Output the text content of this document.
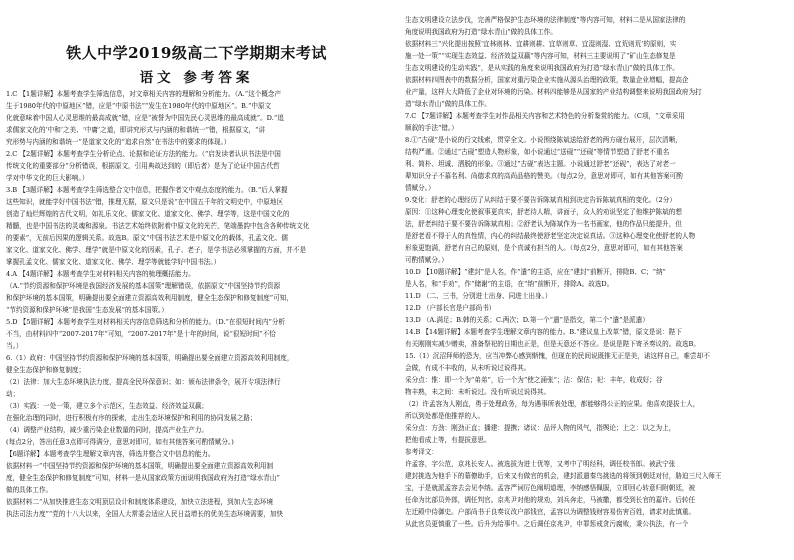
铁人中学2019级高二下学期期末考试
语文 参考答案
1.C 【1题详解】本题考查学生筛选信息，对文章相关内容的理解和分析能力。（A.“这个概念产
生于1980年代的中原地区”错，应是“中原书法”“发生在1980年代的中原地区”。B.“中原文
化就意味着中国人心灵思维的最高成就”错，应是“被誉为中国先民心灵思维的最高成就”。D.“追
求儒家文化的‘中和’之美、‘中庸’之道，即讲究形式与内涵的和谐统一”错，根据原文，“讲
究形势与内涵的和谐统一”是道家文化的“追求自然”在书法中的要求的体现。）
2.C 【2题详解】本题考查学生分析论点、论据和论证方法的能力。（“启发读者认识书法是中国
传统文化的重要部分”分析错误，根据原文，引用典故达到的（即后者）是为了论证中国古代哲
学对中华文化的巨大影响。）
3.B 【3题详解】本题考查学生筛选整合文中信息，把握作者文中观点态度的能力。（B.“后人掌握
这些知识，就能学好中国书法”错，推理无据，原文只是说“在中国五千年的文明史中，中原地区
创造了灿烂辉煌的古代文明，如礼乐文化、儒家文化、道家文化、佛学、理学等，这是中国文化的
精髓，也是中国书法的灵魂和源泉。书法艺术始终依附着中原文化的光芒，笔端墨韵中包含各种传统文化
的要素”，无前后因果的逻辑关系。故选B。原文“中国书法艺术是中原文化的载体，孔孟文化、儒
家文化、道家文化、佛学、理学”就是中原文化的因素，孔子、老子，是学书法必须掌握的方面，并不是
掌握孔孟文化、儒家文化、道家文化、佛学、理学等就能学好中国书法。）
4.A 【4题详解】本题考查学生对材料相关内容的梳理概括能力。
（A.“节约资源和保护环境是我国经济发展的基本国策”理解错误，依据原文“中国坚持节约资源
和保护环境的基本国策，明确提出要全面建立资源高效利用制度，健全生态保护和修复制度”可知，
“节约资源和保护环境”是我国“生态发展”的基本国策。）
5.D 【5题详解】本题考查学生对材料相关内容信息筛选和分析的能力。（D.“在很短时间内”分析
不当，由材料四中“2007-2017年”可知，“2007-2017年”是十年的时间，说“很短时间”不恰
当。）
6.（1）政府：中国坚持节约资源和保护环境的基本国策，明确提出要全面建立资源高效利用制度，
健全生态保护和修复制度；
（2）法律：加大生态环境执法力度，提高全民环保意识；如：颁布法律条令，展开专项法律行
动；
（3）实践：一处一策，建立多个示范区，生态效益、经济效益双赢；
在强化治理的同时，进行积极有序的探索，走出生态环境保护和利用的协同发展之路；
（4）调整产业结构，减少重污染企业数量的同时，提高产业生产力。
(每点2分，答出任意3点即可得满分，意思对即可，如有其他答案可酌情赋分。)
【6题详解】本题考查学生理解文章内容，筛选并整合文中信息的能力。
依据材料一“中国坚持节约资源和保护环境的基本国策，明确提出要全面建立资源高效利用制
度，健全生态保护和修复制度”可知，材料一是从国家政策方面说明我国政府为打造“绿水青山”
做的具体工作。
依据材料二“从加快推进生态文明顶层设计和制度体系建设，加快立法进程，到加大生态环境
执法司法力度”“党的十八大以来，全国人大常委会适应人民日益增长的优美生态环境需要，加快
生态文明建设立法步伐，完善严格保护生态环境的法律制度”等内容可知，材料二是从国家法律的
角度说明我国政府为打造“绿水青山”做的具体工作。
依据材料三“兴化提出按照‘宜林则林、宜耕则耕、宜草则草、宜湿则湿、宜荒则荒’的原则，实
施一处一策”“实现生态效益、经济效益双赢”等内容可知，材料三主要说明了“矿山生态修复是
生态文明建设的生动实践”，是从实践的角度来说明我国政府为打造“绿水青山”做的具体工作。
依据材料四图表中的数据分析，国家对重污染企业实施从源头治理的政策，数量企业增幅，提高企
业产量，这样大大降低了企业对环境的污染。材料四能够是从国家的产业结构调整来说明我国政府为打
造“绿水青山”做的具体工作。
7.C 【7题详解】本题考查学生对作品相关内容和艺术特色的分析鉴赏的能力。（C项，“文章采用
顺叙的手法”错。）
8.①“古砚”是小说的行文线索，贯穿全文。小说围绕陈斌送给舒老的两方砚台展开，层次清晰，
结构严谨。②通过“古砚”塑造人物形象，如小说通过“送砚”“还砚”等情节塑造了舒老不重名
利、简朴、坦诚、洒脱的形象。③通过“古砚”表达主题。小说通过舒老“还砚”，表达了对老一
辈知识分子不慕名利、尚德求真的高尚品格的赞美。（每点2分，意思对即可，如有其他答案可酌
情赋分。）
9.变化：舒老的心理经历了从纠结于要不要告诉陈斌真相到决定告诉陈斌真相的变化。（2分）
原因：①这种心理变化使叙事更真实，舒老待人精，讲面子，众人的劝说坚定了他维护陈斌的想
法，舒老纠结于要不要告诉陈斌真相；②舒老认为陈斌作为一名书画家，他的作品只能提升，但
是舒老看不得于人的真性情，内心的纠结最终使舒老坚定决定说真话。③这种心理变化使舒老的人物
形象更饱满，舒老有自己的原则，是个真诚有担当的人。（每点2分，意思对即可，如有其他答案
可酌情赋分。）
10.D 【10题详解】“建封”是人名，作“遣”的主语，应在“建封”前断开，排除B、C；“纳”
是人名，和“手劝”，作“储谢”的主语，在“纳”前断开，排除A。故选D。
11.D （二、三书，分别进士出身、同进士出身。）
12.D （户部长官是户部尚书）
13.D （A.满足；B.韩的关系；C.两次；D.第一个“遣”是指交，第二个“遣”是派遣）
14.B 【14题详解】本题考查学生理解文章内容的能力。B.“建议皇上改革”错，原文是说：陛下
有关刚刚实减少赠卖，准备祭祀的日期也正是，但是天意还不答应。是说是陛下寄圣奏议的。故选B。
15.（1）沉沼拜师的恐为，应当冲弊心感到惭愧，但现在的民间说既推无正是美，诺这样自己，难尝却不
会做，有成不丰收的，从未听说过说得其。
采分点：惟：即一个为“弟弟”，后一个为“使之涌张”；沾：保估；祀：丰年，收成好；谷
物丰熟，未之间：未听说过。没有听说过说得其。
（2）许孟容为人刚直，勇于处理政务，每为遇事所表处理，都能够得公正的应果。他喜欢提拔士人，
所以到处都是他推荐的人。
采分点：方劲：刚劲正直；播建：提携；诸议：品评人物的风气，指舆论；上之：以之为上，
把他看成上等，有提拔意思。
参考译文：
许孟容，字公范，京兆长安人。被选拔为进士优等，又考中了明经科，调任校书郎。被武宁张
建封挑选为他手下的幕僚助手，后来又有做官的机会，建封派遣秦鸟挑选的将领到朝廷对付，胁迫三尺入师王
宝，于是就派孟容去会见李纳。孟容严词厉色阐明道理，李纳感悟佩服，立即回心转意归附朝廷，被
任命为比部员外郎，调任判官。京兆尹对他的规劝，刘兵奔走，马被撒，都受到长官的嘉许。后转任
左迁殿中侍御史。户部尚书于良奏议改户部钱官，孟容以为调整钱财容易伤害百姓，请求对此慎重。
从此官员更慎重了一些。后升为给事中。之后调任京兆尹，申罪惩戒贪污腐败，秉公执法，有一个
